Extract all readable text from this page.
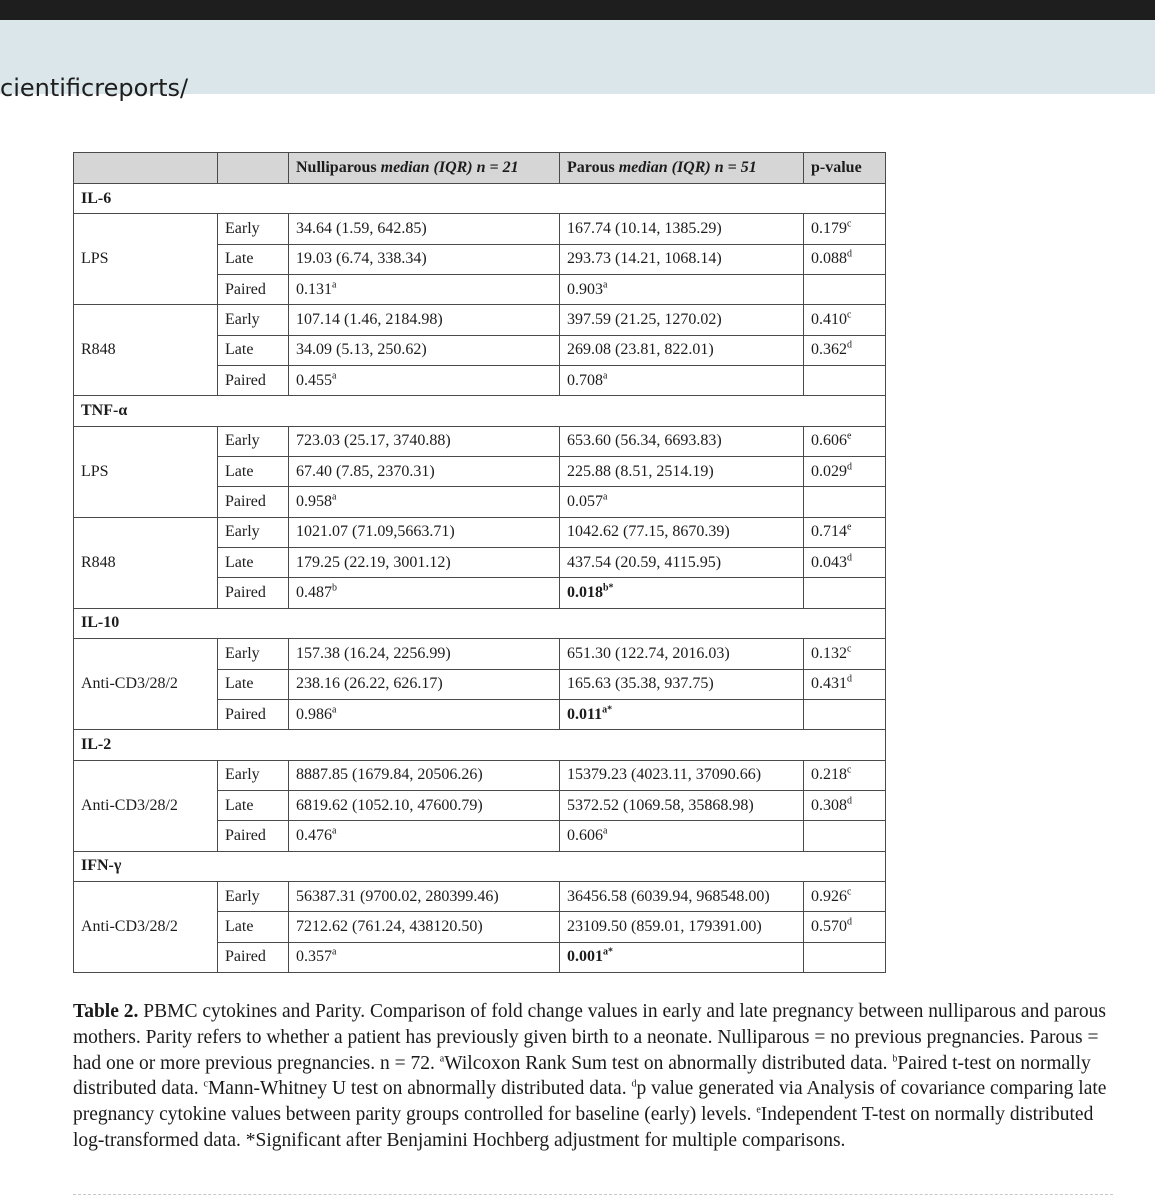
cientificreports/
		Nulliparous median (IQR) n = 21	Parous median (IQR) n = 51	p-value
IL-6				
LPS	Early	34.64 (1.59, 642.85)	167.74 (10.14, 1385.29)	0.179$^c$
	Late	19.03 (6.74, 338.34)	293.73 (14.21, 1068.14)	0.088$^d$
	Paired	0.131$^a$	0.903$^a$	
R848	Early	107.14 (1.46, 2184.98)	397.59 (21.25, 1270.02)	0.410$^c$
	Late	34.09 (5.13, 250.62)	269.08 (23.81, 822.01)	0.362$^d$
	Paired	0.455$^a$	0.708$^a$	
TNF-α				
LPS	Early	723.03 (25.17, 3740.88)	653.60 (56.34, 6693.83)	0.606e
	Late	67.40 (7.85, 2370.31)	225.88 (8.51, 2514.19)	0.029$^d$
	Paired	0.958$^a$	0.057$^a$	
R848	Early	1021.07 (71.09,5663.71)	1042.62 (77.15, 8670.39)	0.714e
	Late	179.25 (22.19, 3001.12)	437.54 (20.59, 4115.95)	0.043$^d$
	Paired	0.487$^b$	$0.018^{b*}$	
IL-10				
Anti-CD3/28/2	Early	157.38 (16.24, 2256.99)	651.30 (122.74, 2016.03)	0.132$^c$
	Late	238.16 (26.22, 626.17)	165.63 (35.38, 937.75)	0.431$^d$
	Paired	0.986$^a$	$0.011^{a*}$	
IL-2				
Anti-CD3/28/2	Early	8887.85 (1679.84, 20506.26)	15379.23 (4023.11, 37090.66)	0.218$^c$
	Late	6819.62 (1052.10, 47600.79)	5372.52 (1069.58, 35868.98)	0.308$^d$
	Paired	0.476$^a$	0.606$^a$	
IFN-γ				
Anti-CD3/28/2	Early	56387.31 (9700.02, 280399.46)	36456.58 (6039.94, 968548.00)	0.926$^c$
	Late	7212.62 (761.24, 438120.50)	23109.50 (859.01, 179391.00)	0.570$^d$
	Paired	0.357$^a$	$0.001^{a*}$	
Table 2. PBMC cytokines and Parity. Comparison of fold change values in early and late pregnancy between nulliparous and parous mothers. Parity refers to whether a patient has previously given birth to a neonate. Nulliparous = no previous pregnancies. Parous = had one or more previous pregnancies. n = 72. $^a$Wilcoxon Rank Sum test on abnormally distributed data. $^b$Paired t-test on normally distributed data. $^c$Mann-Whitney U test on abnormally distributed data. $^d$p value generated via Analysis of covariance comparing late pregnancy cytokine values between parity groups controlled for baseline (early) levels. $^e$Independent T-test on normally distributed log-transformed data. *Significant after Benjamini Hochberg adjustment for multiple comparisons.
